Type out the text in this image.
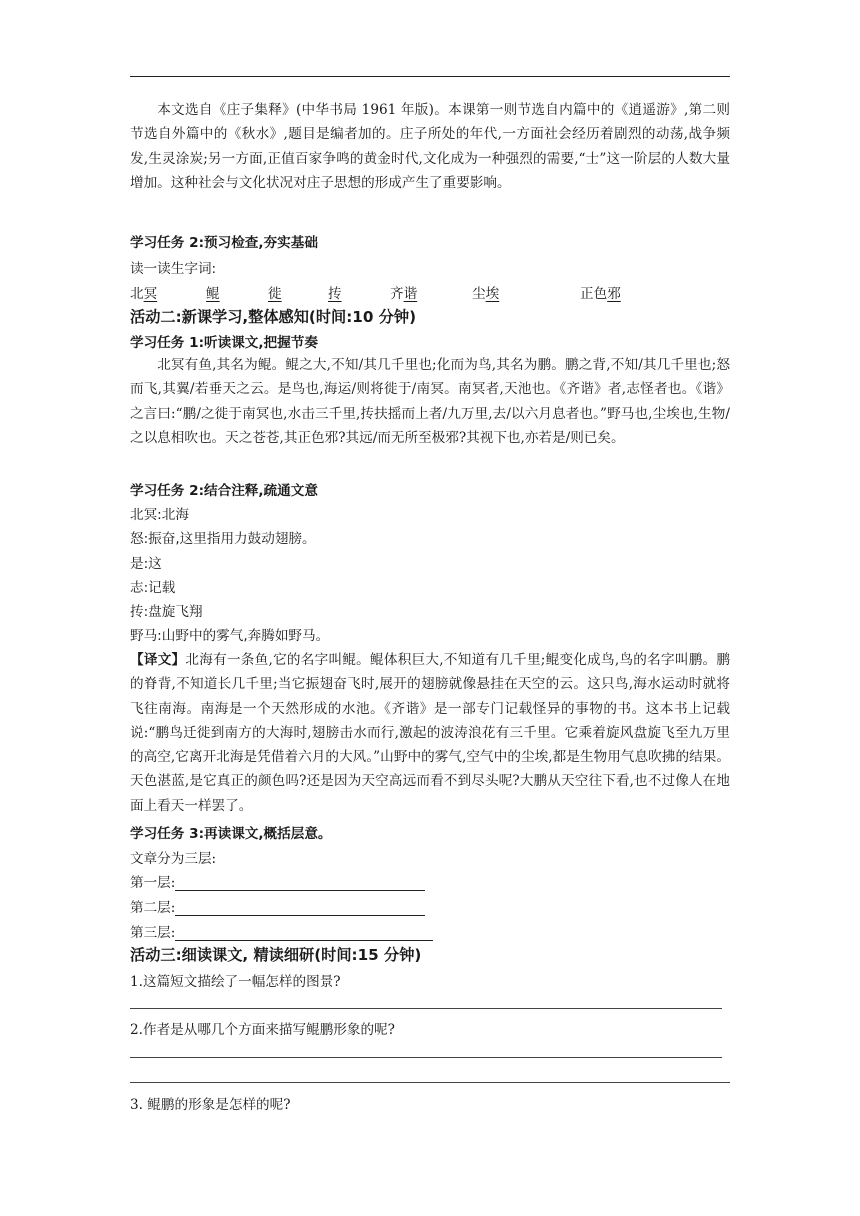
本文选自《庄子集释》(中华书局 1961 年版)。本课第一则节选自内篇中的《逍遥游》,第二则节选自外篇中的《秋水》,题目是编者加的。庄子所处的年代,一方面社会经历着剧烈的动荡,战争频发,生灵涂炭;另一方面,正值百家争鸣的黄金时代,文化成为一种强烈的需要,“士”这一阶层的人数大量增加。这种社会与文化状况对庄子思想的形成产生了重要影响。
学习任务 2:预习检查,夯实基础
读一读生字词:
北冥	鲲	徙	抟	齐谐	尘埃	正色邪
活动二:新课学习,整体感知(时间:10 分钟)
学习任务 1:听读课文,把握节奏
北冥有鱼,其名为鲲。鲲之大,不知/其几千里也;化而为鸟,其名为鹏。鹏之背,不知/其几千里也;怒而飞,其翼/若垂天之云。是鸟也,海运/则将徙于/南冥。南冥者,天池也。《齐谐》者,志怪者也。《谐》之言曰:“鹏/之徙于南冥也,水击三千里,抟扶摇而上者/九万里,去/以六月息者也。”野马也,尘埃也,生物/之以息相吹也。天之苍苍,其正色邪?其远/而无所至极邪?其视下也,亦若是/则已矣。
学习任务 2:结合注释,疏通文意
北冥:北海
怒:振奋,这里指用力鼓动翅膀。
是:这
志:记载
抟:盘旋飞翔
野马:山野中的雾气,奔腾如野马。
【译文】北海有一条鱼,它的名字叫鲲。鲲体积巨大,不知道有几千里;鲲变化成鸟,鸟的名字叫鹏。鹏的脊背,不知道长几千里;当它振翅奋飞时,展开的翅膀就像悬挂在天空的云。这只鸟,海水运动时就将飞往南海。南海是一个天然形成的水池。《齐谐》是一部专门记载怪异的事物的书。这本书上记载说:“鹏鸟迁徙到南方的大海时,翅膀击水而行,激起的波涛浪花有三千里。它乘着旋风盘旋飞至九万里的高空,它离开北海是凭借着六月的大风。”山野中的雾气,空气中的尘埃,都是生物用气息吹拂的结果。天色湛蓝,是它真正的颜色吗?还是因为天空高远而看不到尽头呢?大鹏从天空往下看,也不过像人在地面上看天一样罢了。
学习任务 3:再读课文,概括层意。
文章分为三层:
第一层:
第二层:
第三层:
活动三:细读课文, 精读细研(时间:15 分钟)
1.这篇短文描绘了一幅怎样的图景?
2.作者是从哪几个方面来描写鲲鹏形象的呢?
3. 鲲鹏的形象是怎样的呢?
